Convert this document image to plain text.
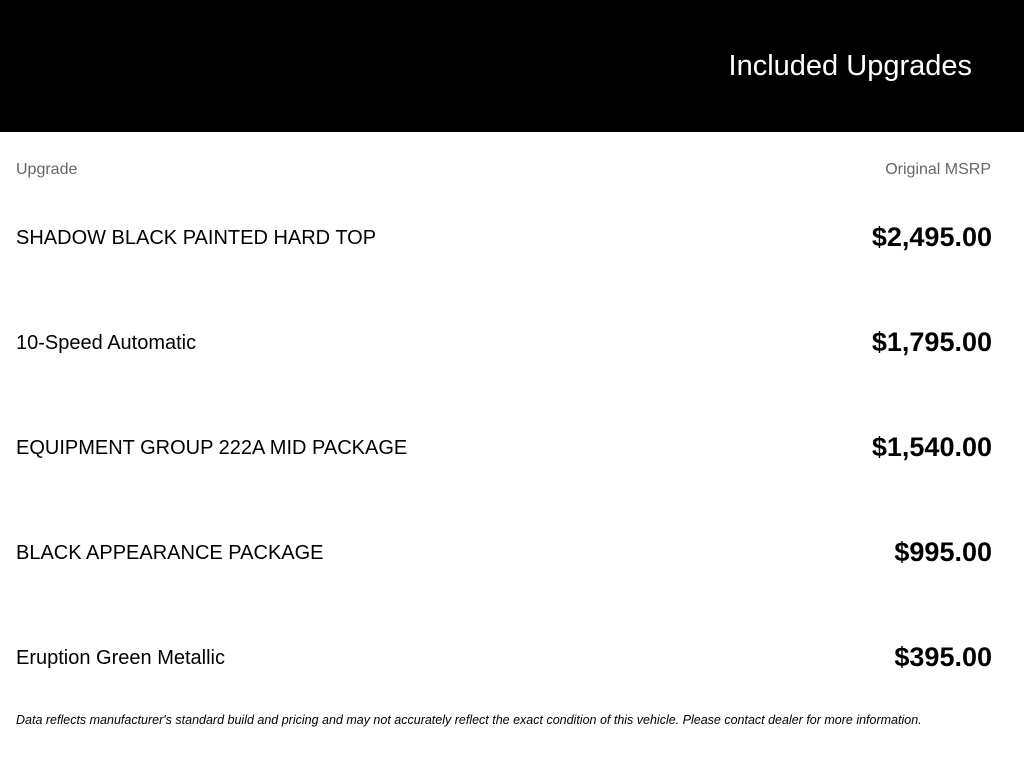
Included Upgrades
Upgrade	Original MSRP
SHADOW BLACK PAINTED HARD TOP	$2,495.00
10-Speed Automatic	$1,795.00
EQUIPMENT GROUP 222A MID PACKAGE	$1,540.00
BLACK APPEARANCE PACKAGE	$995.00
Eruption Green Metallic	$395.00
Data reflects manufacturer's standard build and pricing and may not accurately reflect the exact condition of this vehicle. Please contact dealer for more information.
